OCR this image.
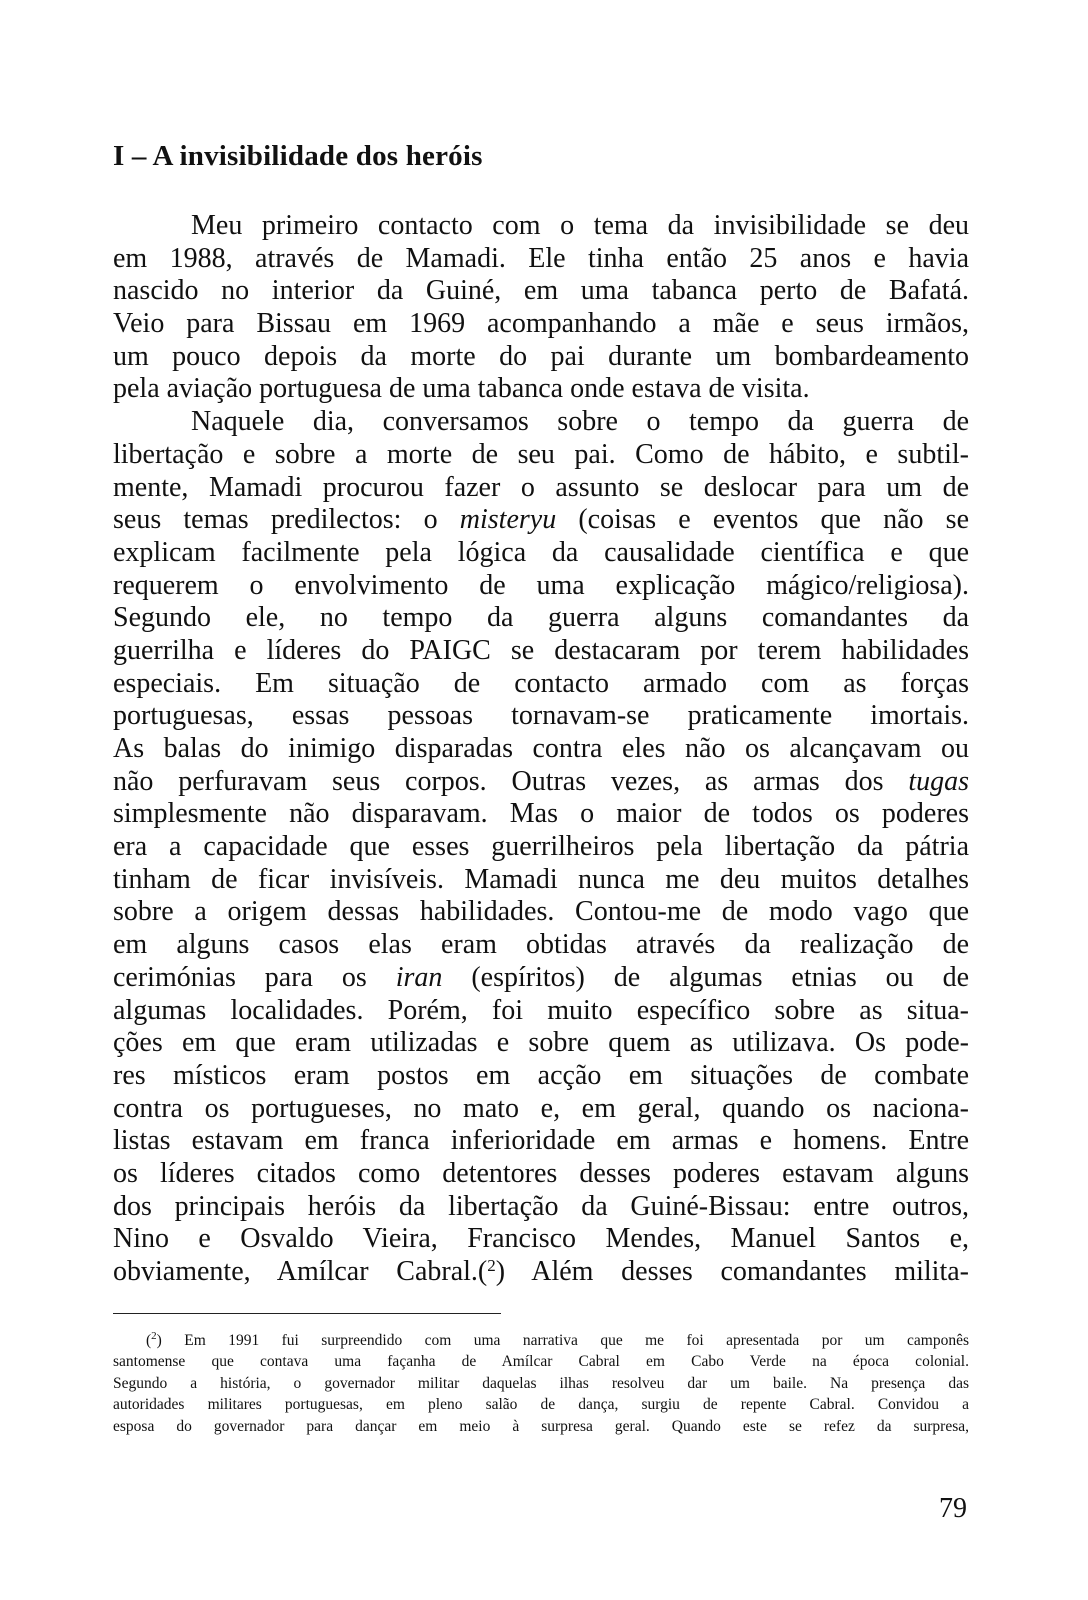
I – A invisibilidade dos heróis
Meu primeiro contacto com o tema da invisibilidade se deu
em 1988, através de Mamadi. Ele tinha então 25 anos e havia
nascido no interior da Guiné, em uma tabanca perto de Bafatá.
Veio para Bissau em 1969 acompanhando a mãe e seus irmãos,
um pouco depois da morte do pai durante um bombardeamento
pela aviação portuguesa de uma tabanca onde estava de visita.
Naquele dia, conversamos sobre o tempo da guerra de
libertação e sobre a morte de seu pai. Como de hábito, e subtil-
mente, Mamadi procurou fazer o assunto se deslocar para um de
seus temas predilectos: o misteryu (coisas e eventos que não se
explicam facilmente pela lógica da causalidade científica e que
requerem o envolvimento de uma explicação mágico/religiosa).
Segundo ele, no tempo da guerra alguns comandantes da
guerrilha e líderes do PAIGC se destacaram por terem habilidades
especiais. Em situação de contacto armado com as forças
portuguesas, essas pessoas tornavam-se praticamente imortais.
As balas do inimigo disparadas contra eles não os alcançavam ou
não perfuravam seus corpos. Outras vezes, as armas dos tugas
simplesmente não disparavam. Mas o maior de todos os poderes
era a capacidade que esses guerrilheiros pela libertação da pátria
tinham de ficar invisíveis. Mamadi nunca me deu muitos detalhes
sobre a origem dessas habilidades. Contou-me de modo vago que
em alguns casos elas eram obtidas através da realização de
cerimónias para os iran (espíritos) de algumas etnias ou de
algumas localidades. Porém, foi muito específico sobre as situa-
ções em que eram utilizadas e sobre quem as utilizava. Os pode-
res místicos eram postos em acção em situações de combate
contra os portugueses, no mato e, em geral, quando os naciona-
listas estavam em franca inferioridade em armas e homens. Entre
os líderes citados como detentores desses poderes estavam alguns
dos principais heróis da libertação da Guiné-Bissau: entre outros,
Nino e Osvaldo Vieira, Francisco Mendes, Manuel Santos e,
obviamente, Amílcar Cabral.($^2$) Além desses comandantes milita-
($^2$) Em 1991 fui surpreendido com uma narrativa que me foi apresentada por um camponês
santomense que contava uma façanha de Amílcar Cabral em Cabo Verde na época colonial.
Segundo a história, o governador militar daquelas ilhas resolveu dar um baile. Na presença das
autoridades militares portuguesas, em pleno salão de dança, surgiu de repente Cabral. Convidou a
esposa do governador para dançar em meio à surpresa geral. Quando este se refez da surpresa,
79
